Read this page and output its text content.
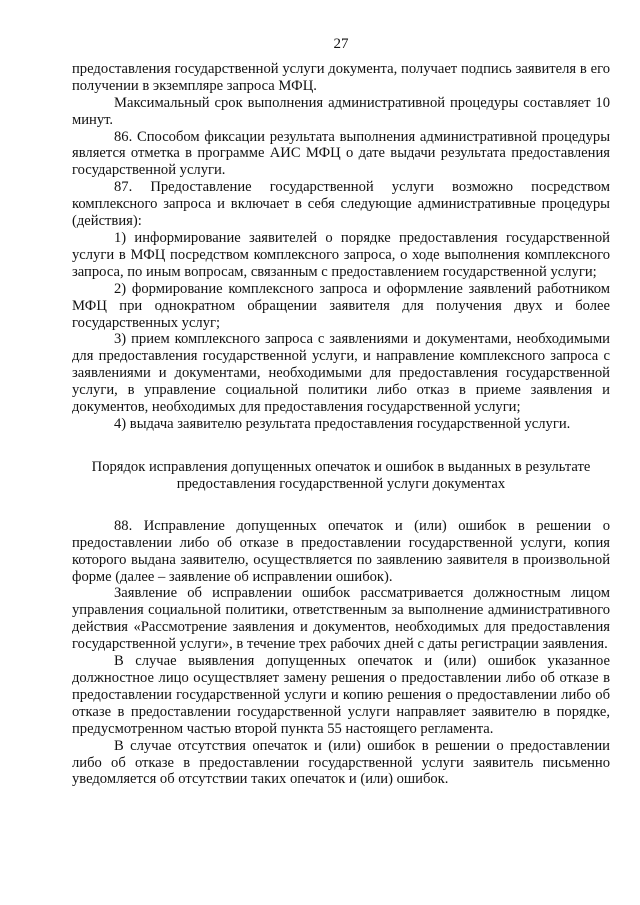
27

предоставления государственной услуги документа, получает подпись заявителя в его получении в экземпляре запроса МФЦ.

Максимальный срок выполнения административной процедуры составляет 10 минут.

86. Способом фиксации результата выполнения административной процедуры является отметка в программе АИС МФЦ о дате выдачи результата предоставления государственной услуги.

87. Предоставление государственной услуги возможно посредством комплексного запроса и включает в себя следующие административные процедуры (действия):

1) информирование заявителей о порядке предоставления государственной услуги в МФЦ посредством комплексного запроса, о ходе выполнения комплексного запроса, по иным вопросам, связанным с предоставлением государственной услуги;

2) формирование комплексного запроса и оформление заявлений работником МФЦ при однократном обращении заявителя для получения двух и более государственных услуг;

3) прием комплексного запроса с заявлениями и документами, необходимыми для предоставления государственной услуги, и направление комплексного запроса с заявлениями и документами, необходимыми для предоставления государственной услуги, в управление социальной политики либо отказ в приеме заявления и документов, необходимых для предоставления государственной услуги;

4) выдача заявителю результата предоставления государственной услуги.

Порядок исправления допущенных опечаток и ошибок в выданных в результате предоставления государственной услуги документах

88. Исправление допущенных опечаток и (или) ошибок в решении о предоставлении либо об отказе в предоставлении государственной услуги, копия которого выдана заявителю, осуществляется по заявлению заявителя в произвольной форме (далее – заявление об исправлении ошибок).

Заявление об исправлении ошибок рассматривается должностным лицом управления социальной политики, ответственным за выполнение административного действия «Рассмотрение заявления и документов, необходимых для предоставления государственной услуги», в течение трех рабочих дней с даты регистрации заявления.

В случае выявления допущенных опечаток и (или) ошибок указанное должностное лицо осуществляет замену решения о предоставлении либо об отказе в предоставлении государственной услуги и копию решения о предоставлении либо об отказе в предоставлении государственной услуги направляет заявителю в порядке, предусмотренном частью второй пункта 55 настоящего регламента.

В случае отсутствия опечаток и (или) ошибок в решении о предоставлении либо об отказе в предоставлении государственной услуги заявитель письменно уведомляется об отсутствии таких опечаток и (или) ошибок.
